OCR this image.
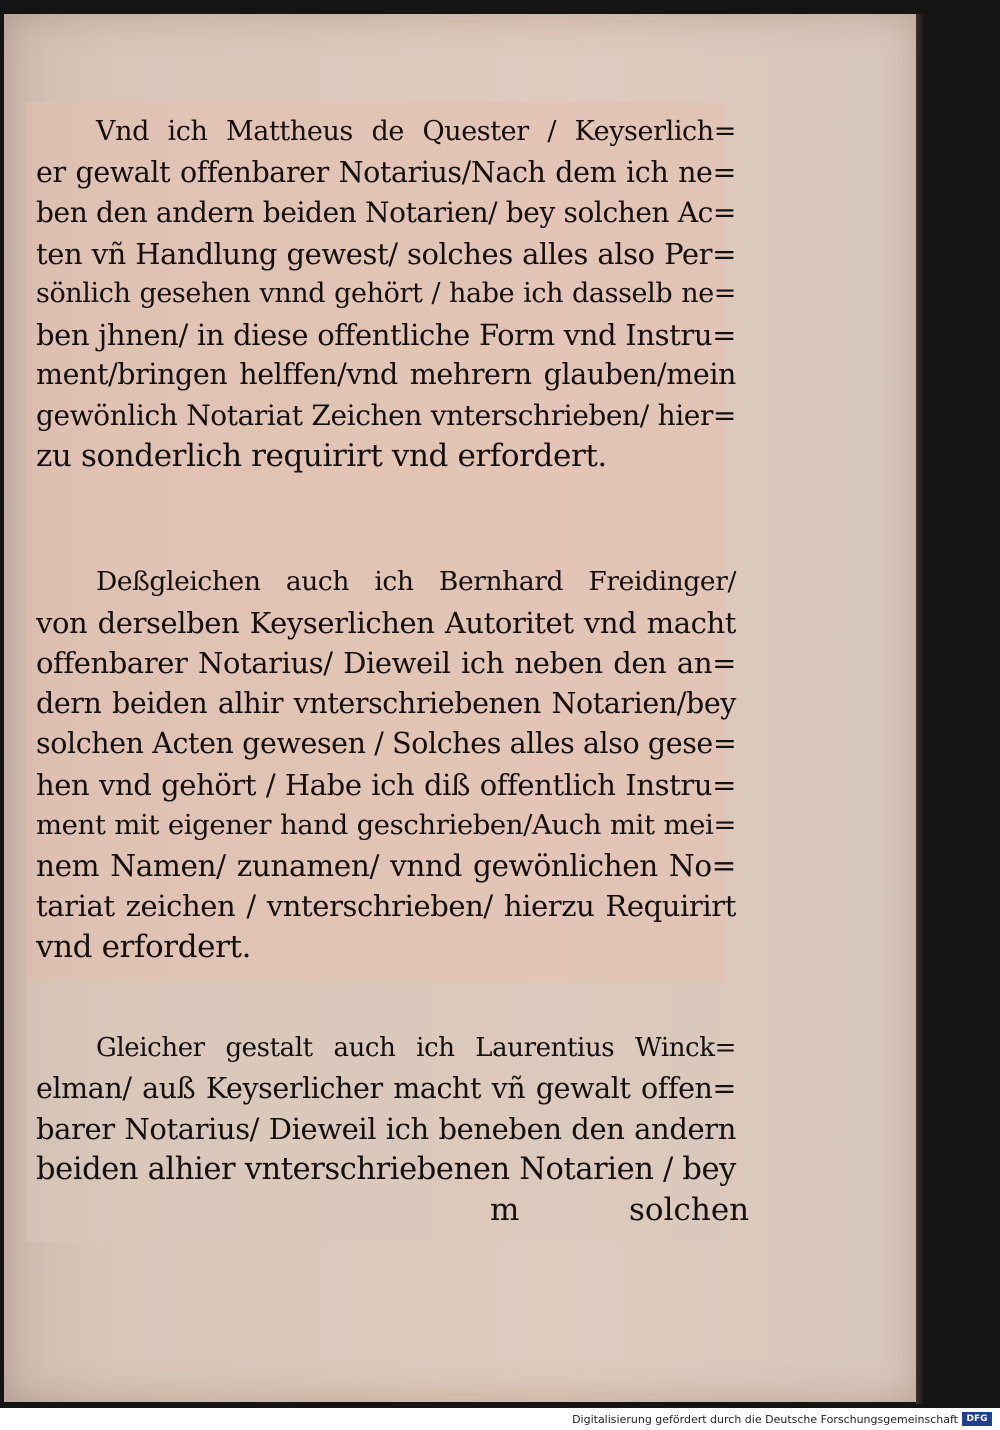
Vnd ich Mattheus de Quester / Keyserlich=
er gewalt offenbarer Notarius/Nach dem ich ne=
ben den andern beiden Notarien/ bey solchen Ac=
ten vñ Handlung gewest/ solches alles also Per=
sönlich gesehen vnnd gehört / habe ich dasselb ne=
ben jhnen/ in diese offentliche Form vnd Instru=
ment/bringen helffen/vnd mehrern glauben/mein
gewönlich Notariat Zeichen vnterschrieben/ hier=
zu sonderlich requirirt vnd erfordert.
Deßgleichen auch ich Bernhard Freidinger/
von derselben Keyserlichen Autoritet vnd macht
offenbarer Notarius/ Dieweil ich neben den an=
dern beiden alhir vnterschriebenen Notarien/bey
solchen Acten gewesen / Solches alles also gese=
hen vnd gehört / Habe ich diß offentlich Instru=
ment mit eigener hand geschrieben/Auch mit mei=
nem Namen/ zunamen/ vnnd gewönlichen No=
tariat zeichen / vnterschrieben/ hierzu Requirirt
vnd erfordert.
Gleicher gestalt auch ich Laurentius Winck=
elman/ auß Keyserlicher macht vñ gewalt offen=
barer Notarius/ Dieweil ich beneben den andern
beiden alhier vnterschriebenen Notarien / bey
m	solchen
Digitalisierung gefördert durch die Deutsche Forschungsgemeinschaft DFG
